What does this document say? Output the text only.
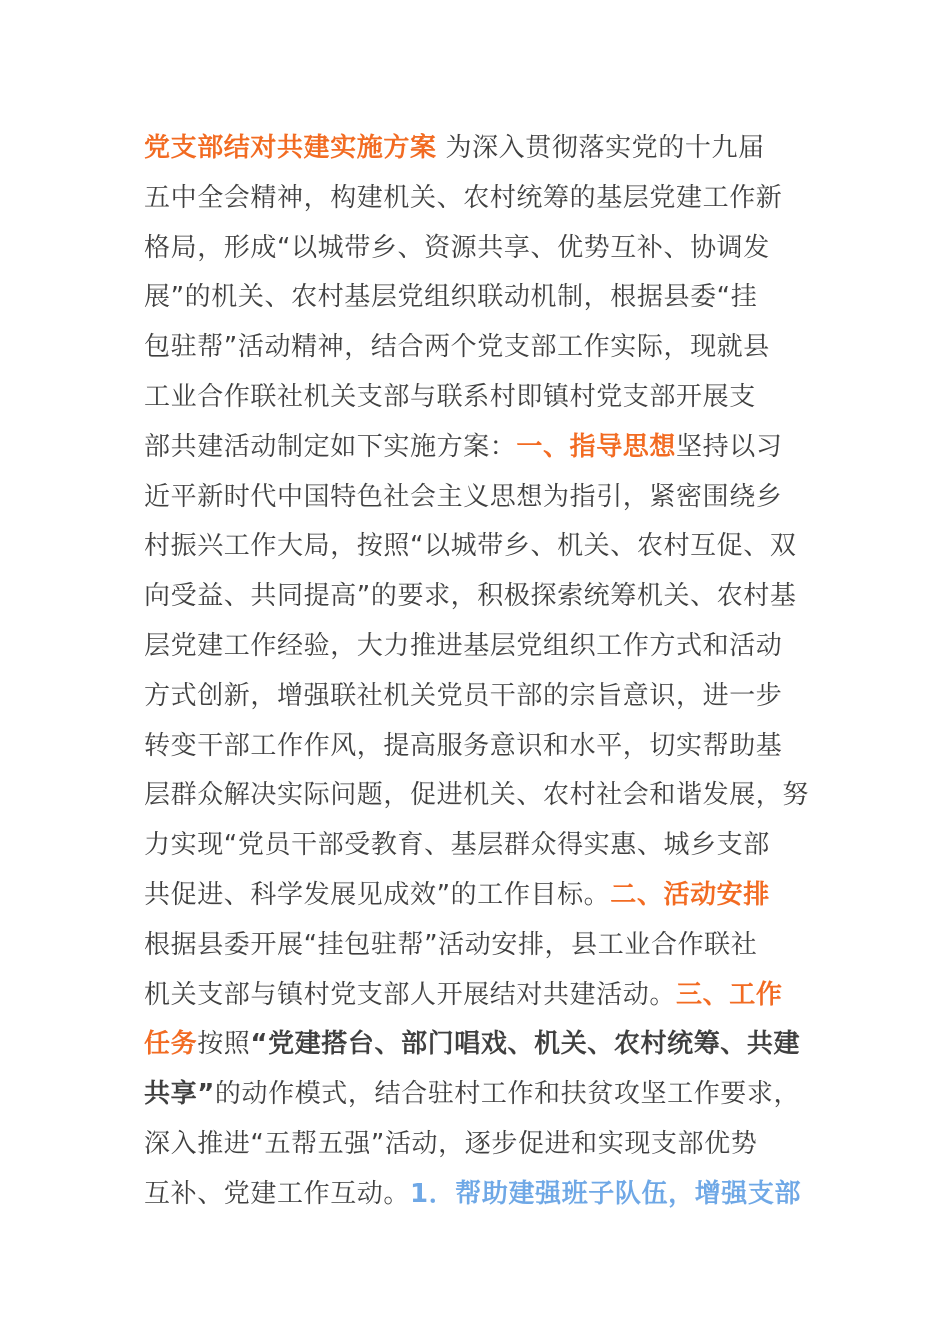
党支部结对共建实施方案 为深入贯彻落实党的十九届
五中全会精神，构建机关、农村统筹的基层党建工作新
格局，形成“以城带乡、资源共享、优势互补、协调发
展”的机关、农村基层党组织联动机制，根据县委“挂
包驻帮”活动精神，结合两个党支部工作实际，现就县
工业合作联社机关支部与联系村即镇村党支部开展支
部共建活动制定如下实施方案：一、指导思想坚持以习
近平新时代中国特色社会主义思想为指引，紧密围绕乡
村振兴工作大局，按照“以城带乡、机关、农村互促、双
向受益、共同提高”的要求，积极探索统筹机关、农村基
层党建工作经验，大力推进基层党组织工作方式和活动
方式创新，增强联社机关党员干部的宗旨意识，进一步
转变干部工作作风，提高服务意识和水平，切实帮助基
层群众解决实际问题，促进机关、农村社会和谐发展，努
力实现“党员干部受教育、基层群众得实惠、城乡支部
共促进、科学发展见成效”的工作目标。二、活动安排
根据县委开展“挂包驻帮”活动安排，县工业合作联社
机关支部与镇村党支部人开展结对共建活动。三、工作
任务按照“党建搭台、部门唱戏、机关、农村统筹、共建
共享”的动作模式，结合驻村工作和扶贫攻坚工作要求，
深入推进“五帮五强”活动，逐步促进和实现支部优势
互补、党建工作互动。1．帮助建强班子队伍，增强支部
